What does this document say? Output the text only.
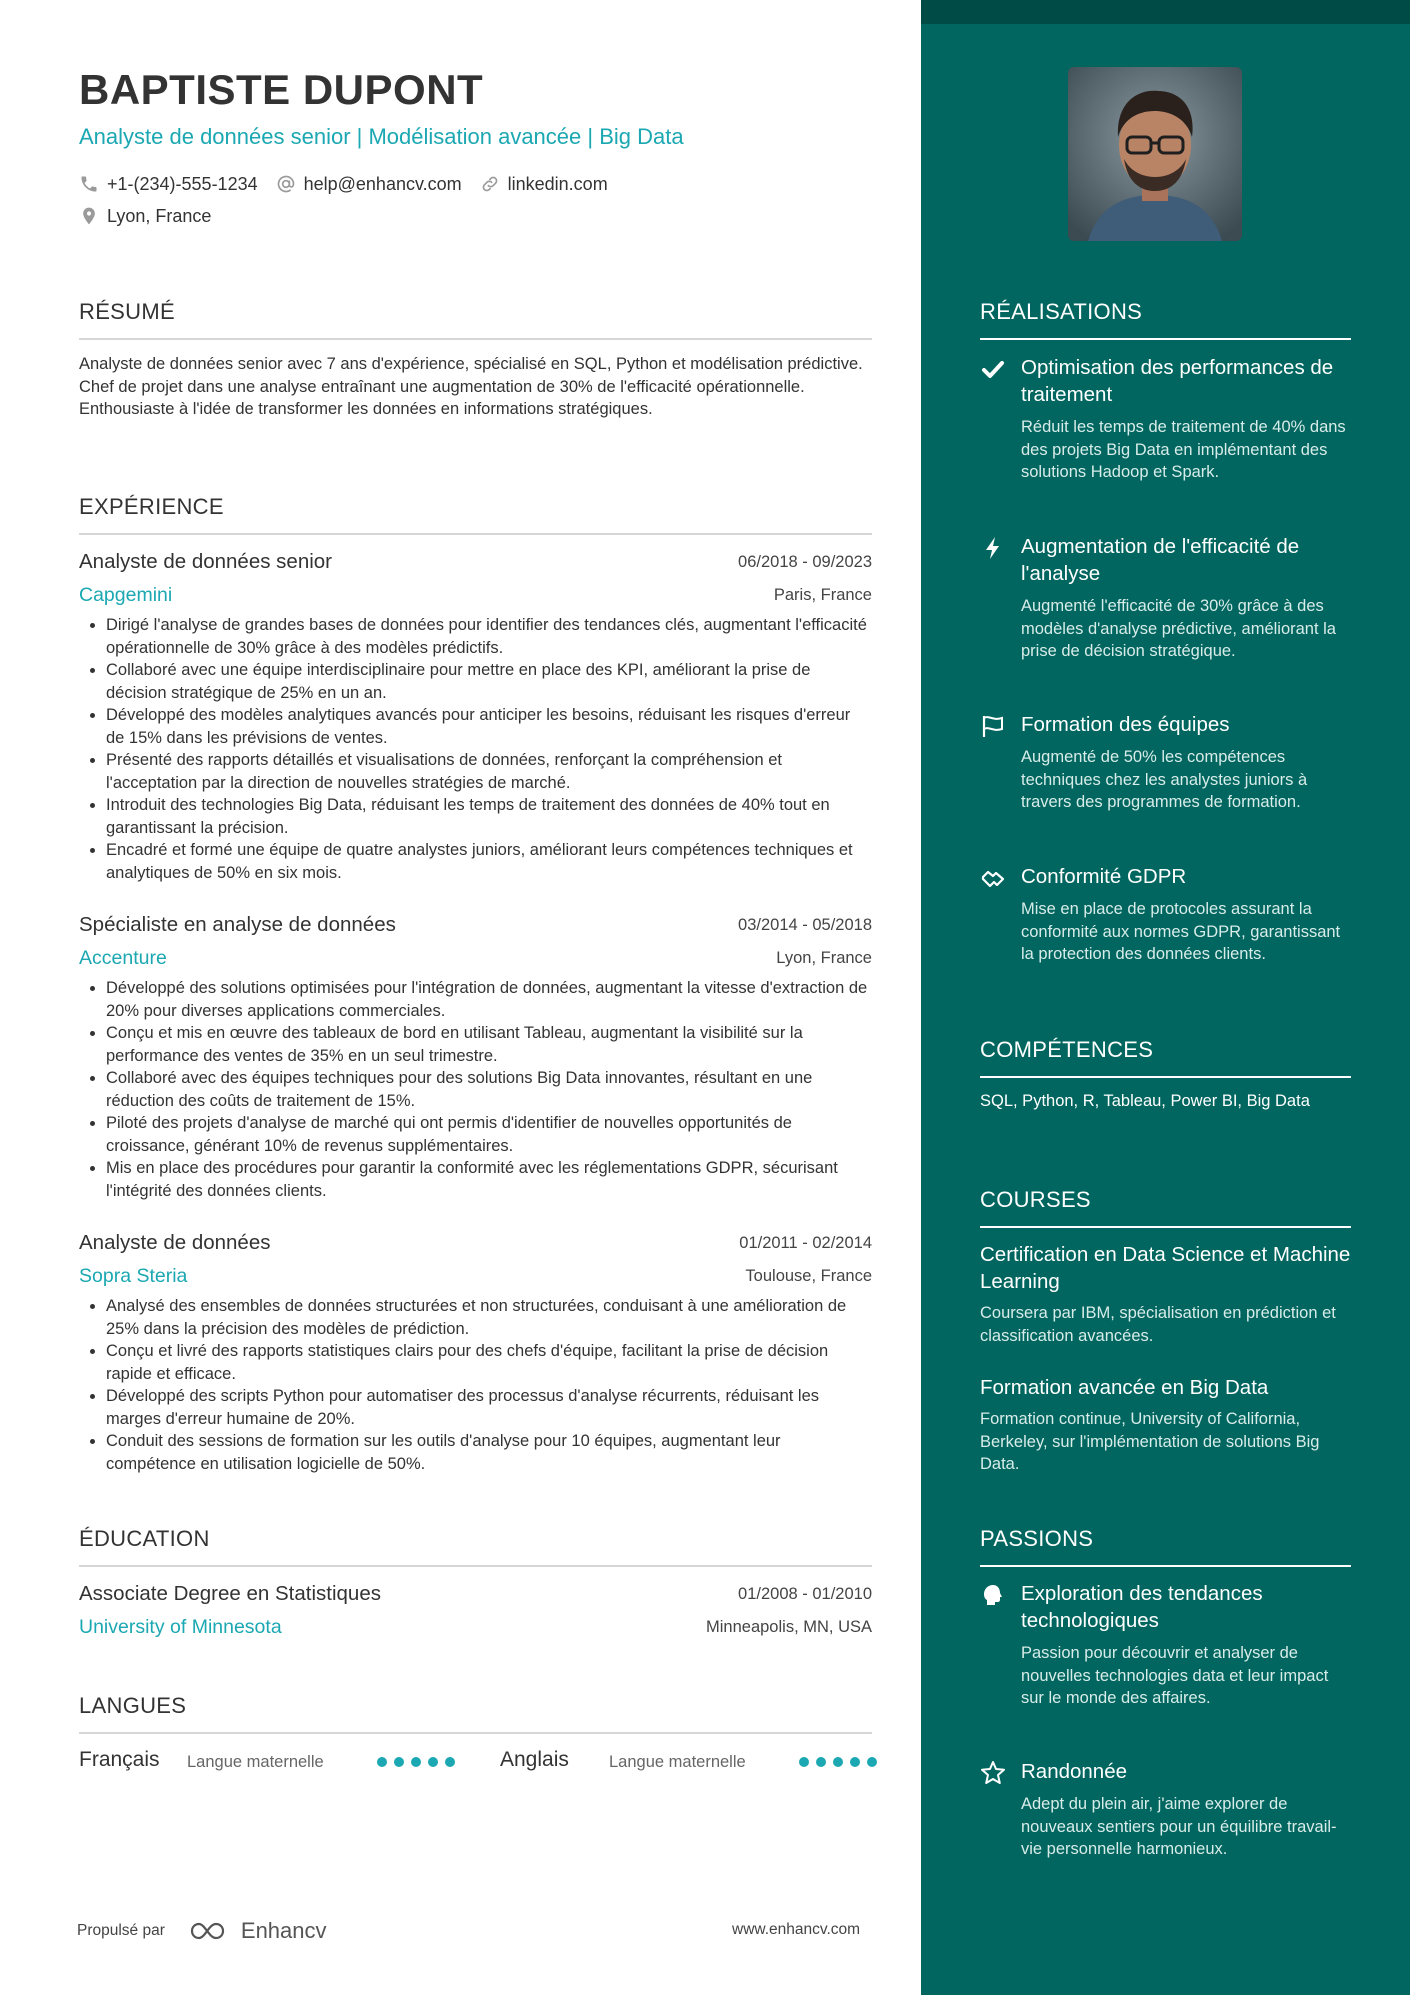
BAPTISTE DUPONT
Analyste de données senior | Modélisation avancée | Big Data
+1-(234)-555-1234	help@enhancv.com	linkedin.com
Lyon, France
RÉSUMÉ
Analyste de données senior avec 7 ans d'expérience, spécialisé en SQL, Python et modélisation prédictive. Chef de projet dans une analyse entraînant une augmentation de 30% de l'efficacité opérationnelle. Enthousiaste à l'idée de transformer les données en informations stratégiques.
EXPÉRIENCE
Analyste de données senior	06/2018 - 09/2023
Capgemini	Paris, France
• Dirigé l'analyse de grandes bases de données pour identifier des tendances clés, augmentant l'efficacité opérationnelle de 30% grâce à des modèles prédictifs.
• Collaboré avec une équipe interdisciplinaire pour mettre en place des KPI, améliorant la prise de décision stratégique de 25% en un an.
• Développé des modèles analytiques avancés pour anticiper les besoins, réduisant les risques d'erreur de 15% dans les prévisions de ventes.
• Présenté des rapports détaillés et visualisations de données, renforçant la compréhension et l'acceptation par la direction de nouvelles stratégies de marché.
• Introduit des technologies Big Data, réduisant les temps de traitement des données de 40% tout en garantissant la précision.
• Encadré et formé une équipe de quatre analystes juniors, améliorant leurs compétences techniques et analytiques de 50% en six mois.
Spécialiste en analyse de données	03/2014 - 05/2018
Accenture	Lyon, France
• Développé des solutions optimisées pour l'intégration de données, augmentant la vitesse d'extraction de 20% pour diverses applications commerciales.
• Conçu et mis en œuvre des tableaux de bord en utilisant Tableau, augmentant la visibilité sur la performance des ventes de 35% en un seul trimestre.
• Collaboré avec des équipes techniques pour des solutions Big Data innovantes, résultant en une réduction des coûts de traitement de 15%.
• Piloté des projets d'analyse de marché qui ont permis d'identifier de nouvelles opportunités de croissance, générant 10% de revenus supplémentaires.
• Mis en place des procédures pour garantir la conformité avec les réglementations GDPR, sécurisant l'intégrité des données clients.
Analyste de données	01/2011 - 02/2014
Sopra Steria	Toulouse, France
• Analysé des ensembles de données structurées et non structurées, conduisant à une amélioration de 25% dans la précision des modèles de prédiction.
• Conçu et livré des rapports statistiques clairs pour des chefs d'équipe, facilitant la prise de décision rapide et efficace.
• Développé des scripts Python pour automatiser des processus d'analyse récurrents, réduisant les marges d'erreur humaine de 20%.
• Conduit des sessions de formation sur les outils d'analyse pour 10 équipes, augmentant leur compétence en utilisation logicielle de 50%.
ÉDUCATION
Associate Degree en Statistiques	01/2008 - 01/2010
University of Minnesota	Minneapolis, MN, USA
LANGUES
Français Langue maternelle	Anglais Langue maternelle
Propulsé par	Enhancv	www.enhancv.com
RÉALISATIONS
Optimisation des performances de traitement
Réduit les temps de traitement de 40% dans des projets Big Data en implémentant des solutions Hadoop et Spark.
Augmentation de l'efficacité de l'analyse
Augmenté l'efficacité de 30% grâce à des modèles d'analyse prédictive, améliorant la prise de décision stratégique.
Formation des équipes
Augmenté de 50% les compétences techniques chez les analystes juniors à travers des programmes de formation.
Conformité GDPR
Mise en place de protocoles assurant la conformité aux normes GDPR, garantissant la protection des données clients.
COMPÉTENCES
SQL, Python, R, Tableau, Power BI, Big Data
COURSES
Certification en Data Science et Machine Learning
Coursera par IBM, spécialisation en prédiction et classification avancées.
Formation avancée en Big Data
Formation continue, University of California, Berkeley, sur l'implémentation de solutions Big Data.
PASSIONS
Exploration des tendances technologiques
Passion pour découvrir et analyser de nouvelles technologies data et leur impact sur le monde des affaires.
Randonnée
Adept du plein air, j'aime explorer de nouveaux sentiers pour un équilibre travail-vie personnelle harmonieux.
